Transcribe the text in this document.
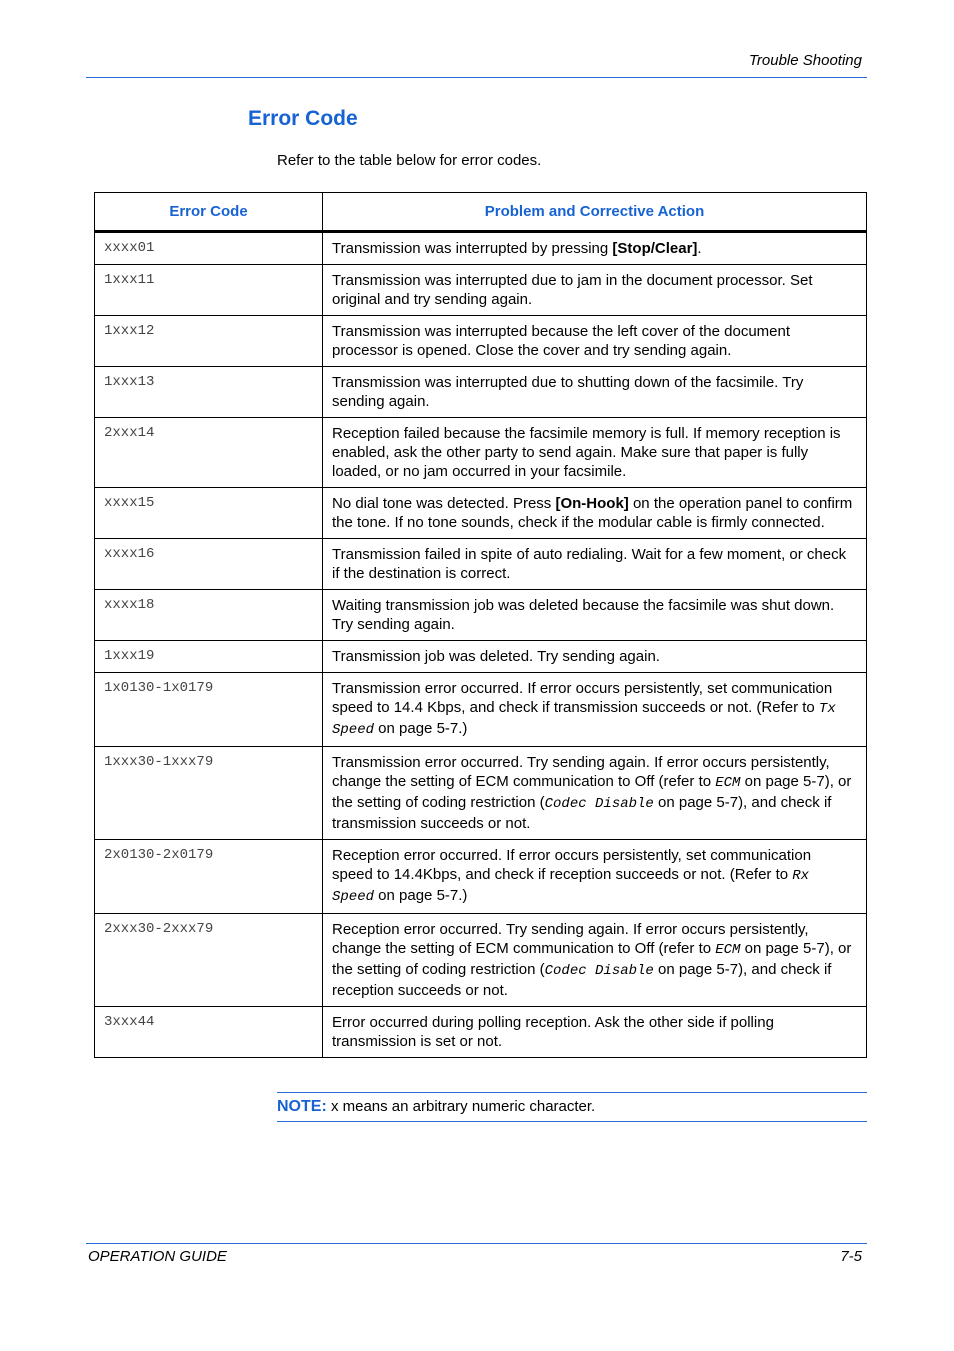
Trouble Shooting
Error Code
Refer to the table below for error codes.
Error Code	Problem and Corrective Action
xxxx01	Transmission was interrupted by pressing [Stop/Clear].
1xxx11	Transmission was interrupted due to jam in the document processor. Set original and try sending again.
1xxx12	Transmission was interrupted because the left cover of the document processor is opened. Close the cover and try sending again.
1xxx13	Transmission was interrupted due to shutting down of the facsimile. Try sending again.
2xxx14	Reception failed because the facsimile memory is full. If memory reception is enabled, ask the other party to send again. Make sure that paper is fully loaded, or no jam occurred in your facsimile.
xxxx15	No dial tone was detected. Press [On-Hook] on the operation panel to confirm the tone. If no tone sounds, check if the modular cable is firmly connected.
xxxx16	Transmission failed in spite of auto redialing. Wait for a few moment, or check if the destination is correct.
xxxx18	Waiting transmission job was deleted because the facsimile was shut down. Try sending again.
1xxx19	Transmission job was deleted. Try sending again.
1x0130-1x0179	Transmission error occurred. If error occurs persistently, set communication speed to 14.4 Kbps, and check if transmission succeeds or not. (Refer to Tx Speed on page 5-7.)
1xxx30-1xxx79	Transmission error occurred. Try sending again. If error occurs persistently, change the setting of ECM communication to Off (refer to ECM on page 5-7), or the setting of coding restriction (Codec Disable on page 5-7), and check if transmission succeeds or not.
2x0130-2x0179	Reception error occurred. If error occurs persistently, set communication speed to 14.4Kbps, and check if reception succeeds or not. (Refer to Rx Speed on page 5-7.)
2xxx30-2xxx79	Reception error occurred. Try sending again. If error occurs persistently, change the setting of ECM communication to Off (refer to ECM on page 5-7), or the setting of coding restriction (Codec Disable on page 5-7), and check if reception succeeds or not.
3xxx44	Error occurred during polling reception. Ask the other side if polling transmission is set or not.
NOTE: x means an arbitrary numeric character.
OPERATION GUIDE	7-5
